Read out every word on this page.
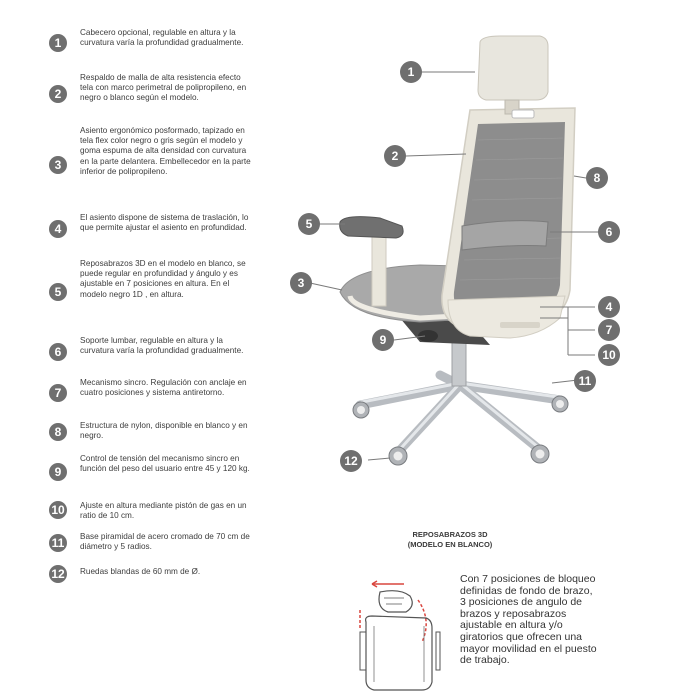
1
Cabecero opcional, regulable en altura y la curvatura varía la profundidad gradualmente.
2
Respaldo de malla de alta resistencia efecto tela con marco perimetral de polipropileno, en negro o blanco según el modelo.
3
Asiento ergonómico posformado, tapizado en tela flex color negro o gris según el modelo y goma espuma de alta densidad con curvatura en la parte delantera. Embellecedor en la parte inferior de polipropileno.
4
El asiento dispone de sistema de traslación, lo que permite ajustar el asiento en profundidad.
5
Reposabrazos 3D en el modelo en blanco, se puede regular en profundidad y ángulo y es ajustable en 7 posiciones en altura. En el modelo negro 1D , en altura.
6
Soporte lumbar, regulable en altura y la curvatura varía la profundidad gradualmente.
7
Mecanismo sincro. Regulación con anclaje en cuatro posiciones y sistema antiretorno.
8	Estructura de nylon, disponible en blanco y en negro.
9
Control de tensión del mecanismo sincro en función del peso del usuario entre 45 y 120 kg.
10 Ajuste en altura mediante pistón de gas en un ratio de 10 cm.
11	Base piramidal de acero cromado de 70 cm de diámetro y 5 radios.
12 Ruedas blandas de 60 mm de Ø.
1
2
3
4
5
6
7
8
9
10
11
12
REPOSABRAZOS 3D
(MODELO EN BLANCO)
Con 7 posiciones de bloqueo definidas de fondo de brazo, 3 posiciones de angulo de brazos y reposabrazos ajustable en altura y/o giratorios que ofrecen una mayor movilidad en el puesto de trabajo.
